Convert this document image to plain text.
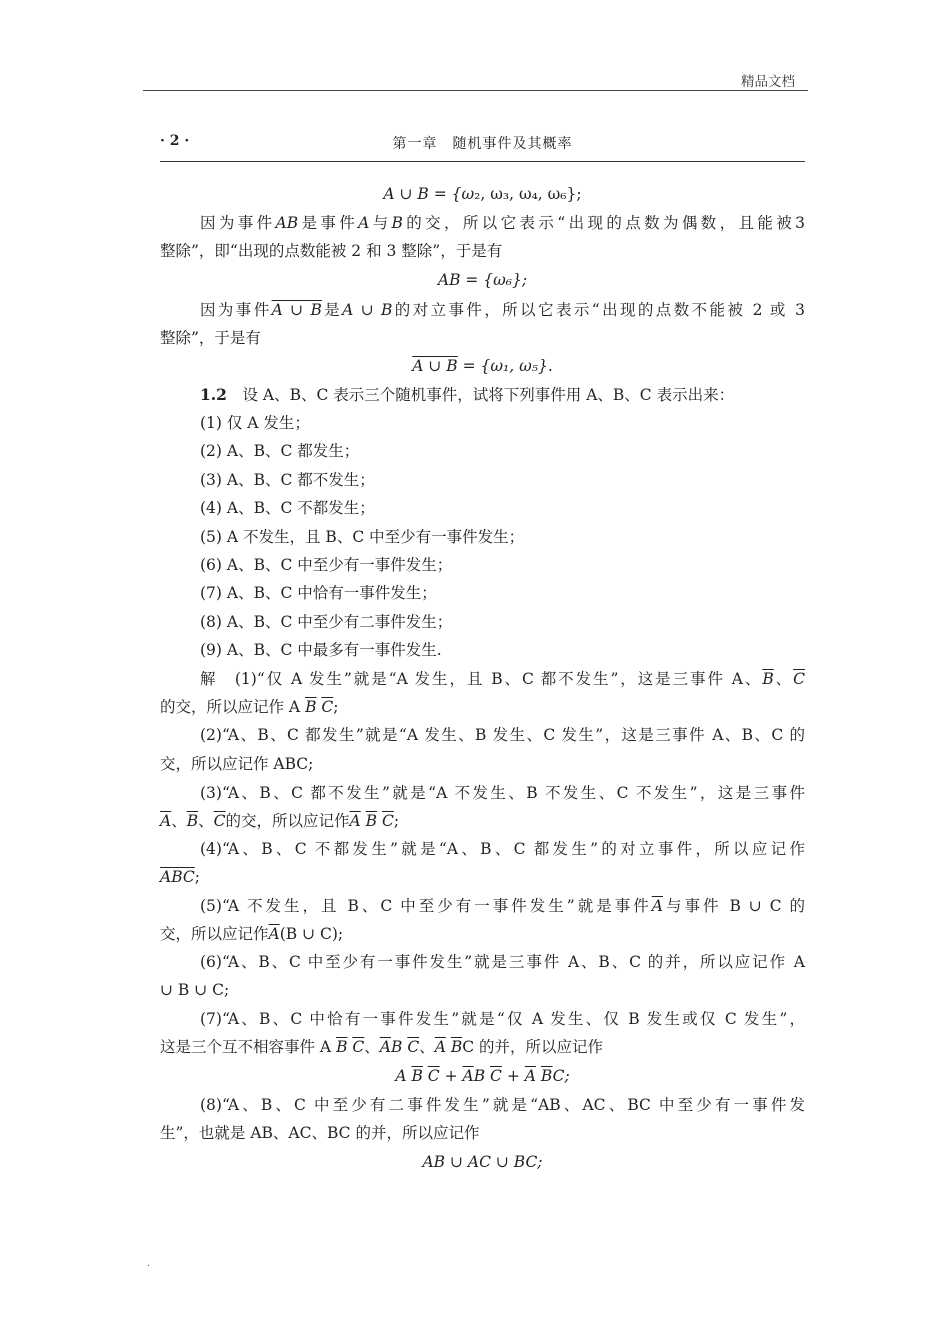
精品文档
· 2 ·	第一章　随机事件及其概率
A ∪ B = {ω₂, ω₃, ω₄, ω₆};
因为事件AB是事件A与B的交，所以它表示“出现的点数为偶数，且能被3
整除”，即“出现的点数能被 2 和 3 整除”，于是有
AB = {ω₆};
因为事件A ∪ B是A ∪ B的对立事件，所以它表示“出现的点数不能被 2 或 3
整除”，于是有
A ∪ B = {ω₁, ω₅}.
1.2　 设 A、B、C 表示三个随机事件，试将下列事件用 A、B、C 表示出来：
(1) 仅 A 发生；
(2) A、B、C 都发生；
(3) A、B、C 都不发生；
(4) A、B、C 不都发生；
(5) A 不发生，且 B、C 中至少有一事件发生；
(6) A、B、C 中至少有一事件发生；
(7) A、B、C 中恰有一事件发生；
(8) A、B、C 中至少有二事件发生；
(9) A、B、C 中最多有一事件发生.
解　(1)“仅 A 发生”就是“A 发生，且 B、C 都不发生”，这是三事件 A、$\overline{B}$、$\overline{C}$
的交，所以应记作 A $\overline{B}$ $\overline{C}$;
(2)“A、B、C 都发生”就是“A 发生、B 发生、C 发生”，这是三事件 A、B、C 的
交，所以应记作 ABC;
(3)“A、B、C 都不发生”就是“A 不发生、B 不发生、C 不发生”，这是三事件
$\overline{A}$、$\overline{B}$、$\overline{C}$的交，所以应记作$\overline{A}$ $\overline{B}$ $\overline{C}$;
(4)“A、B、C 不都发生”就是“A、B、C 都发生”的对立事件，所以应记作
$\overline{ABC}$;
(5)“A 不发生，且 B、C 中至少有一事件发生”就是事件$\overline{A}$与事件 B ∪ C 的
交，所以应记作$\overline{A}(B$ ∪ C);
(6)“A、B、C 中至少有一事件发生”就是三事件 A、B、C 的并，所以应记作 A
∪ B ∪ C;
(7)“A、B、C 中恰有一事件发生”就是“仅 A 发生、仅 B 发生或仅 C 发生”，
这是三个互不相容事件 A $\overline{B}$ $\overline{C}$、$\overline{A}B$ $\overline{C}$、$\overline{A}$ $\overline{B}C$ 的并，所以应记作
A $\overline{B}$ $\overline{C} + \overline{A}B$ $\overline{C} + \overline{A}$ $\overline{B}C$;
(8)“A、B、C 中至少有二事件发生”就是“AB、AC、BC 中至少有一事件发
生”，也就是 AB、AC、BC 的并，所以应记作
AB ∪ AC ∪ BC;
.
